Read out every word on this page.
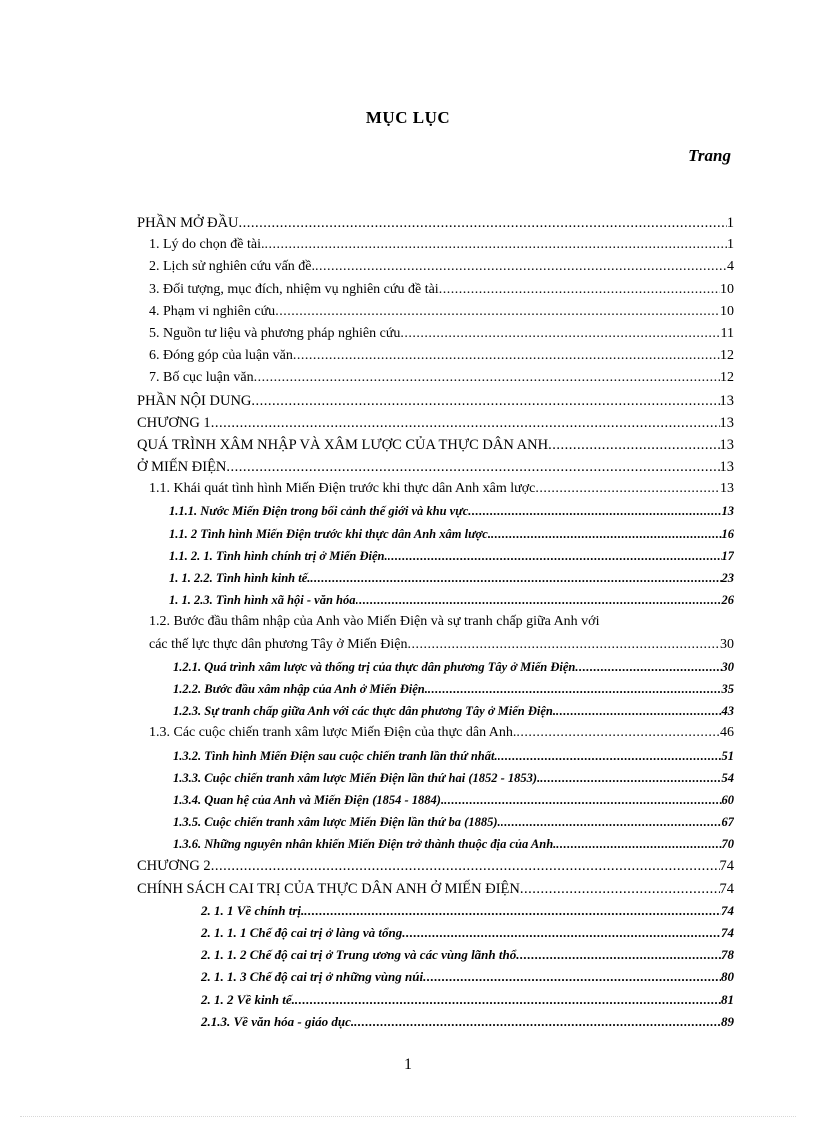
MỤC LỤC
Trang
PHẦN MỞ ĐẦU .....	1
1. Lý do chọn đề tài. .....	1
2. Lịch sử nghiên cứu vấn đề. .....	4
3. Đối tượng, mục đích, nhiệm vụ nghiên cứu đề tài .....	10
4. Phạm vi nghiên cứu .....	10
5. Nguồn tư liệu và phương pháp nghiên cứu .....	11
6. Đóng góp của luận văn .....	12
7. Bố cục luận văn .....	12
PHẦN NỘI DUNG .....	13
CHƯƠNG 1 .....	13
QUÁ TRÌNH XÂM NHẬP VÀ XÂM LƯỢC CỦA THỰC DÂN ANH .....	13
Ở MIẾN ĐIỆN .....	13
1.1. Khái quát tình hình Miến Điện trước khi thực dân Anh xâm lược .....	13
1.1.1. Nước Miến Điện trong bối cảnh thế giới và khu vực .....	13
1.1. 2 Tình hình Miến Điện trước khi thực dân Anh xâm lược. .....	16
1.1. 2. 1. Tình hình chính trị ở Miến Điện. .....	17
1. 1. 2.2. Tình hình kinh tế. .....	23
1. 1. 2.3. Tình hình xã hội - văn hóa .....	26
1.2. Bước đầu thâm nhập của Anh vào Miến Điện và sự tranh chấp giữa Anh với
các thế lực thực dân phương Tây ở Miến Điện .....	30
1.2.1. Quá trình xâm lược và thống trị của thực dân phương Tây ở Miến Điện .....	30
1.2.2. Bước đầu xâm nhập của Anh ở Miến Điện. .....	35
1.2.3. Sự tranh chấp giữa Anh với các thực dân phương Tây ở Miến Điện. .....	43
1.3. Các cuộc chiến tranh xâm lược Miến Điện của thực dân Anh. .....	46
1.3.2. Tình hình Miến Điện sau cuộc chiến tranh lần thứ nhất. .....	51
1.3.3. Cuộc chiến tranh xâm lược Miến Điện lần thứ hai (1852 - 1853). .....	54
1.3.4. Quan hệ của Anh và Miến Điện (1854 - 1884). .....	60
1.3.5. Cuộc chiến tranh xâm lược Miến Điện lần thứ ba (1885). .....	67
1.3.6. Những nguyên nhân khiến Miến Điện trở thành thuộc địa của Anh. .....	70
CHƯƠNG 2 .....	74
CHÍNH SÁCH CAI TRỊ CỦA THỰC DÂN ANH Ở MIẾN ĐIỆN .....	74
2. 1. 1 Về chính trị. .....	74
2. 1. 1. 1 Chế độ cai trị ở làng và tổng .....	74
2. 1. 1. 2 Chế độ cai trị ở Trung ương và các vùng lãnh thổ .....	78
2. 1. 1. 3 Chế độ cai trị ở những vùng núi .....	80
2. 1. 2 Về kinh tế. .....	81
2.1.3. Về văn hóa - giáo dục. .....	89
1
